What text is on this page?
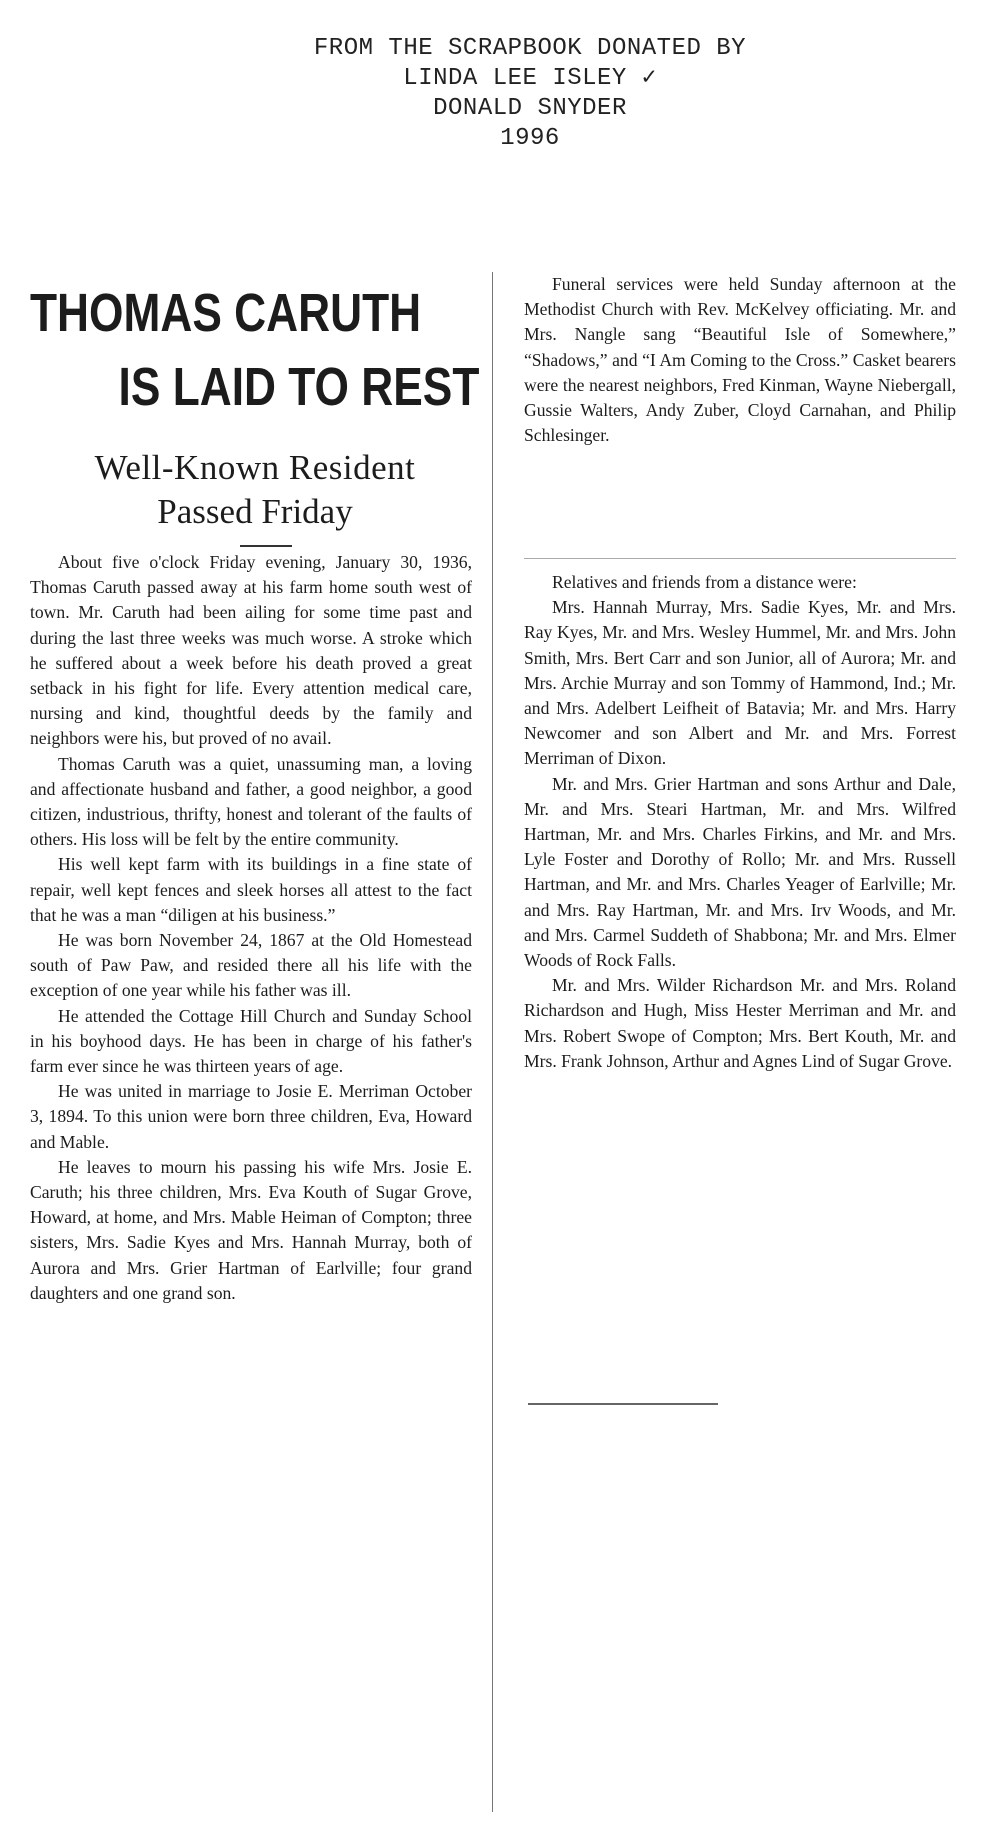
FROM THE SCRAPBOOK DONATED BY
LINDA LEE ISLEY ✓
DONALD SNYDER
1996
THOMAS CARUTH
IS LAID TO REST
Well-Known Resident
Passed Friday

About five o'clock Friday evening, January 30, 1936, Thomas Caruth passed away at his farm home south west of town. Mr. Caruth had been ailing for some time past and during the last three weeks was much worse. A stroke which he suffered about a week before his death proved a great setback in his fight for life. Every attention medical care, nursing and kind, thoughtful deeds by the family and neighbors were his, but proved of no avail.

Thomas Caruth was a quiet, unassuming man, a loving and affectionate husband and father, a good neighbor, a good citizen, industrious, thrifty, honest and tolerant of the faults of others. His loss will be felt by the entire community.

His well kept farm with its buildings in a fine state of repair, well kept fences and sleek horses all attest to the fact that he was a man “diligen at his business.”

He was born November 24, 1867 at the Old Homestead south of Paw Paw, and resided there all his life with the exception of one year while his father was ill.

He attended the Cottage Hill Church and Sunday School in his boyhood days. He has been in charge of his father's farm ever since he was thirteen years of age.

He was united in marriage to Josie E. Merriman October 3, 1894. To this union were born three children, Eva, Howard and Mable.

He leaves to mourn his passing his wife Mrs. Josie E. Caruth; his three children, Mrs. Eva Kouth of Sugar Grove, Howard, at home, and Mrs. Mable Heiman of Compton; three sisters, Mrs. Sadie Kyes and Mrs. Hannah Murray, both of Aurora and Mrs. Grier Hartman of Earlville; four grand daughters and one grand son.

Funeral services were held Sunday afternoon at the Methodist Church with Rev. McKelvey officiating. Mr. and Mrs. Nangle sang “Beautiful Isle of Somewhere,” “Shadows,” and “I Am Coming to the Cross.” Casket bearers were the nearest neighbors, Fred Kinman, Wayne Niebergall, Gussie Walters, Andy Zuber, Cloyd Carnahan, and Philip Schlesinger.

Relatives and friends from a distance were:

Mrs. Hannah Murray, Mrs. Sadie Kyes, Mr. and Mrs. Ray Kyes, Mr. and Mrs. Wesley Hummel, Mr. and Mrs. John Smith, Mrs. Bert Carr and son Junior, all of Aurora; Mr. and Mrs. Archie Murray and son Tommy of Hammond, Ind.; Mr. and Mrs. Adelbert Leifheit of Batavia; Mr. and Mrs. Harry Newcomer and son Albert and Mr. and Mrs. Forrest Merriman of Dixon.

Mr. and Mrs. Grier Hartman and sons Arthur and Dale, Mr. and Mrs. Steari Hartman, Mr. and Mrs. Wilfred Hartman, Mr. and Mrs. Charles Firkins, and Mr. and Mrs. Lyle Foster and Dorothy of Rollo; Mr. and Mrs. Russell Hartman, and Mr. and Mrs. Charles Yeager of Earlville; Mr. and Mrs. Ray Hartman, Mr. and Mrs. Irv Woods, and Mr. and Mrs. Carmel Suddeth of Shabbona; Mr. and Mrs. Elmer Woods of Rock Falls.

Mr. and Mrs. Wilder Richardson Mr. and Mrs. Roland Richardson and Hugh, Miss Hester Merriman and Mr. and Mrs. Robert Swope of Compton; Mrs. Bert Kouth, Mr. and Mrs. Frank Johnson, Arthur and Agnes Lind of Sugar Grove.
